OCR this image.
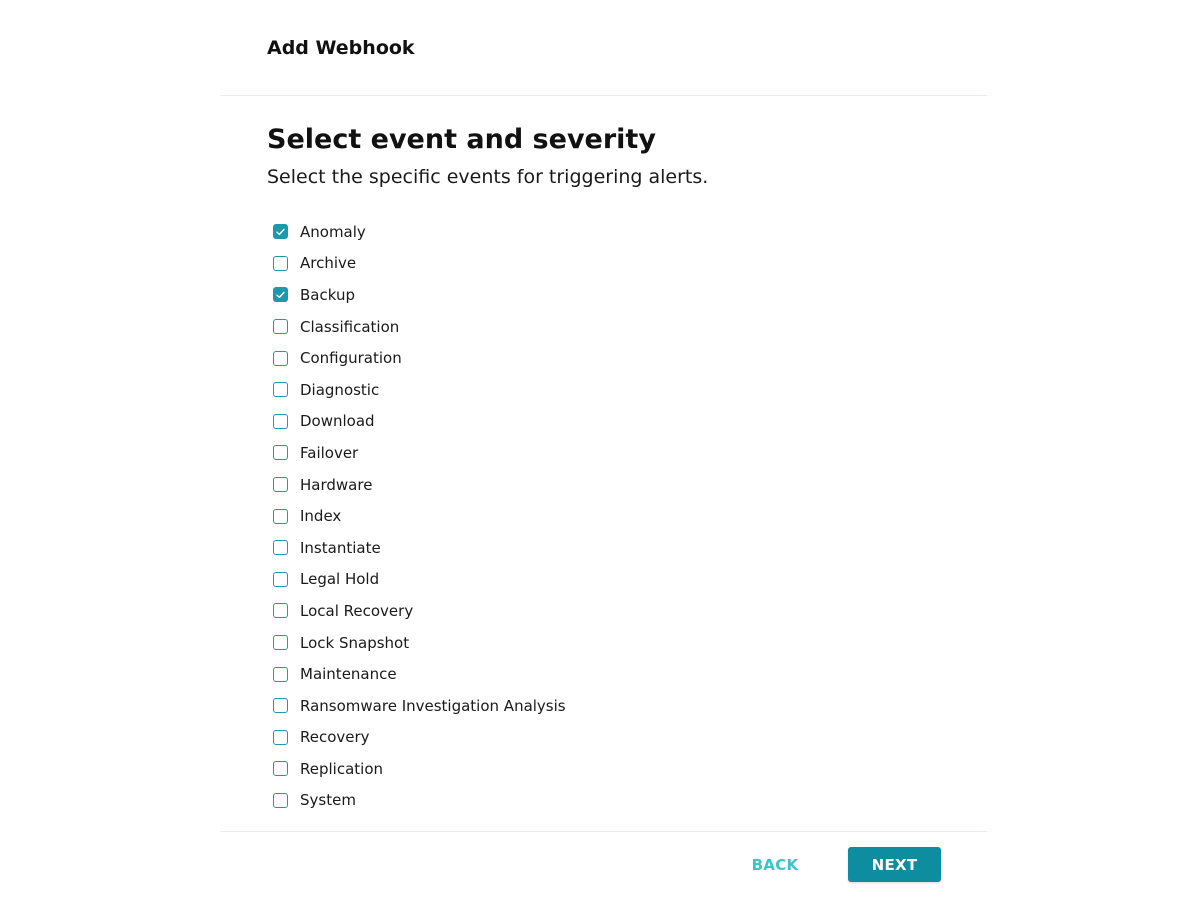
Add Webhook
Select event and severity

Select the specific events for triggering alerts.

Anomaly
Archive
Backup
Classification
Configuration
Diagnostic
Download
Failover
Hardware
Index
Instantiate
Legal Hold
Local Recovery
Lock Snapshot
Maintenance
Ransomware Investigation Analysis
Recovery
Replication
System
BACK	NEXT
